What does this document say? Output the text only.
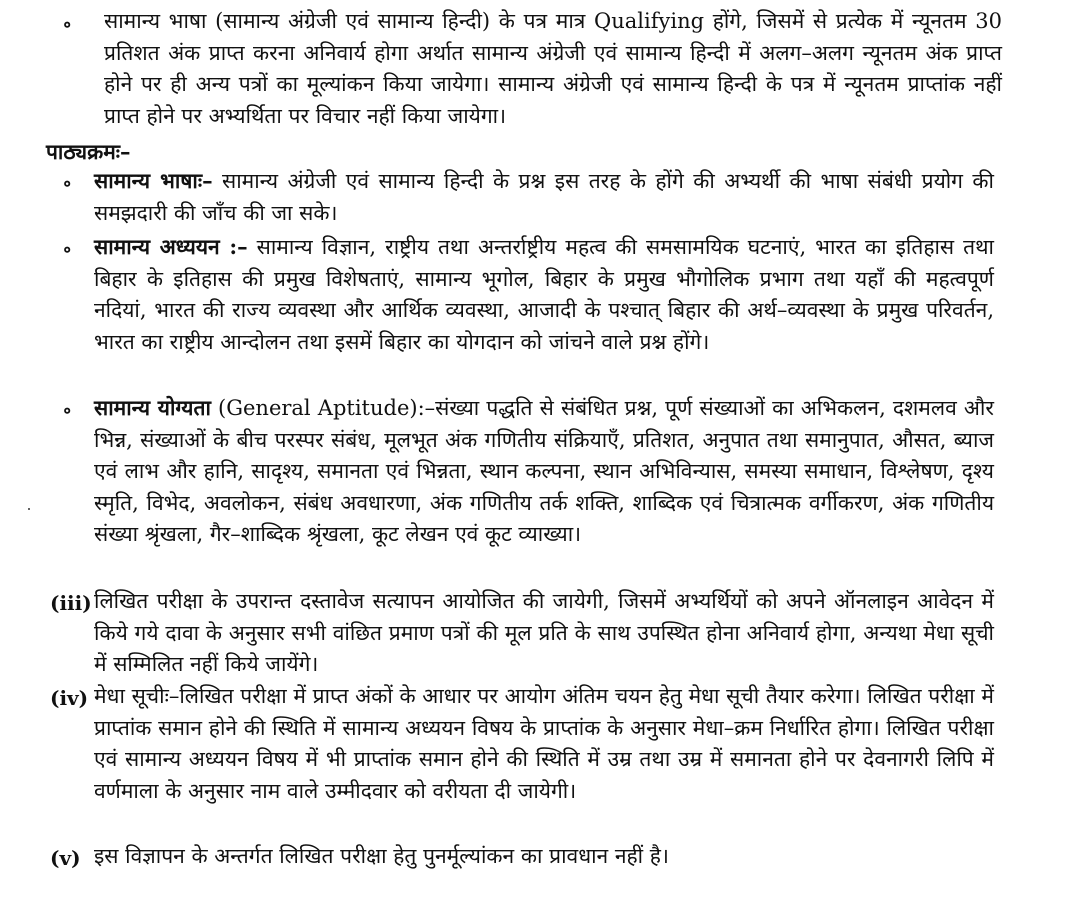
∘ सामान्य भाषा (सामान्य अंग्रेजी एवं सामान्य हिन्दी) के पत्र मात्र Qualifying होंगे, जिसमें से प्रत्येक में न्यूनतम 30 प्रतिशत अंक प्राप्त करना अनिवार्य होगा अर्थात सामान्य अंग्रेजी एवं सामान्य हिन्दी में अलग–अलग न्यूनतम अंक प्राप्त होने पर ही अन्य पत्रों का मूल्यांकन किया जायेगा। सामान्य अंग्रेजी एवं सामान्य हिन्दी के पत्र में न्यूनतम प्राप्तांक नहीं प्राप्त होने पर अभ्यर्थिता पर विचार नहीं किया जायेगा।

पाठ्यक्रमः–
∘ सामान्य भाषाः– सामान्य अंग्रेजी एवं सामान्य हिन्दी के प्रश्न इस तरह के होंगे की अभ्यर्थी की भाषा संबंधी प्रयोग की समझदारी की जाँच की जा सके।

∘ सामान्य अध्ययन :– सामान्य विज्ञान, राष्ट्रीय तथा अन्तर्राष्ट्रीय महत्व की समसामयिक घटनाएं, भारत का इतिहास तथा बिहार के इतिहास की प्रमुख विशेषताएं, सामान्य भूगोल, बिहार के प्रमुख भौगोलिक प्रभाग तथा यहाँ की महत्वपूर्ण नदियां, भारत की राज्य व्यवस्था और आर्थिक व्यवस्था, आजादी के पश्चात् बिहार की अर्थ–व्यवस्था के प्रमुख परिवर्तन, भारत का राष्ट्रीय आन्दोलन तथा इसमें बिहार का योगदान को जांचने वाले प्रश्न होंगे।

∘ सामान्य योग्यता (General Aptitude):–संख्या पद्धति से संबंधित प्रश्न, पूर्ण संख्याओं का अभिकलन, दशमलव और भिन्न, संख्याओं के बीच परस्पर संबंध, मूलभूत अंक गणितीय संक्रियाएँ, प्रतिशत, अनुपात तथा समानुपात, औसत, ब्याज एवं लाभ और हानि, सादृश्य, समानता एवं भिन्नता, स्थान कल्पना, स्थान अभिविन्यास, समस्या समाधान, विश्लेषण, दृश्य स्मृति, विभेद, अवलोकन, संबंध अवधारणा, अंक गणितीय तर्क शक्ति, शाब्दिक एवं चित्रात्मक वर्गीकरण, अंक गणितीय संख्या श्रृंखला, गैर–शाब्दिक श्रृंखला, कूट लेखन एवं कूट व्याख्या।

(iii) लिखित परीक्षा के उपरान्त दस्तावेज सत्यापन आयोजित की जायेगी, जिसमें अभ्यर्थियों को अपने ऑनलाइन आवेदन में किये गये दावा के अनुसार सभी वांछित प्रमाण पत्रों की मूल प्रति के साथ उपस्थित होना अनिवार्य होगा, अन्यथा मेधा सूची में सम्मिलित नहीं किये जायेंगे।

(iv) मेधा सूचीः–लिखित परीक्षा में प्राप्त अंकों के आधार पर आयोग अंतिम चयन हेतु मेधा सूची तैयार करेगा। लिखित परीक्षा में प्राप्तांक समान होने की स्थिति में सामान्य अध्ययन विषय के प्राप्तांक के अनुसार मेधा–क्रम निर्धारित होगा। लिखित परीक्षा एवं सामान्य अध्ययन विषय में भी प्राप्तांक समान होने की स्थिति में उम्र तथा उम्र में समानता होने पर देवनागरी लिपि में वर्णमाला के अनुसार नाम वाले उम्मीदवार को वरीयता दी जायेगी।

(v) इस विज्ञापन के अन्तर्गत लिखित परीक्षा हेतु पुनर्मूल्यांकन का प्रावधान नहीं है।
